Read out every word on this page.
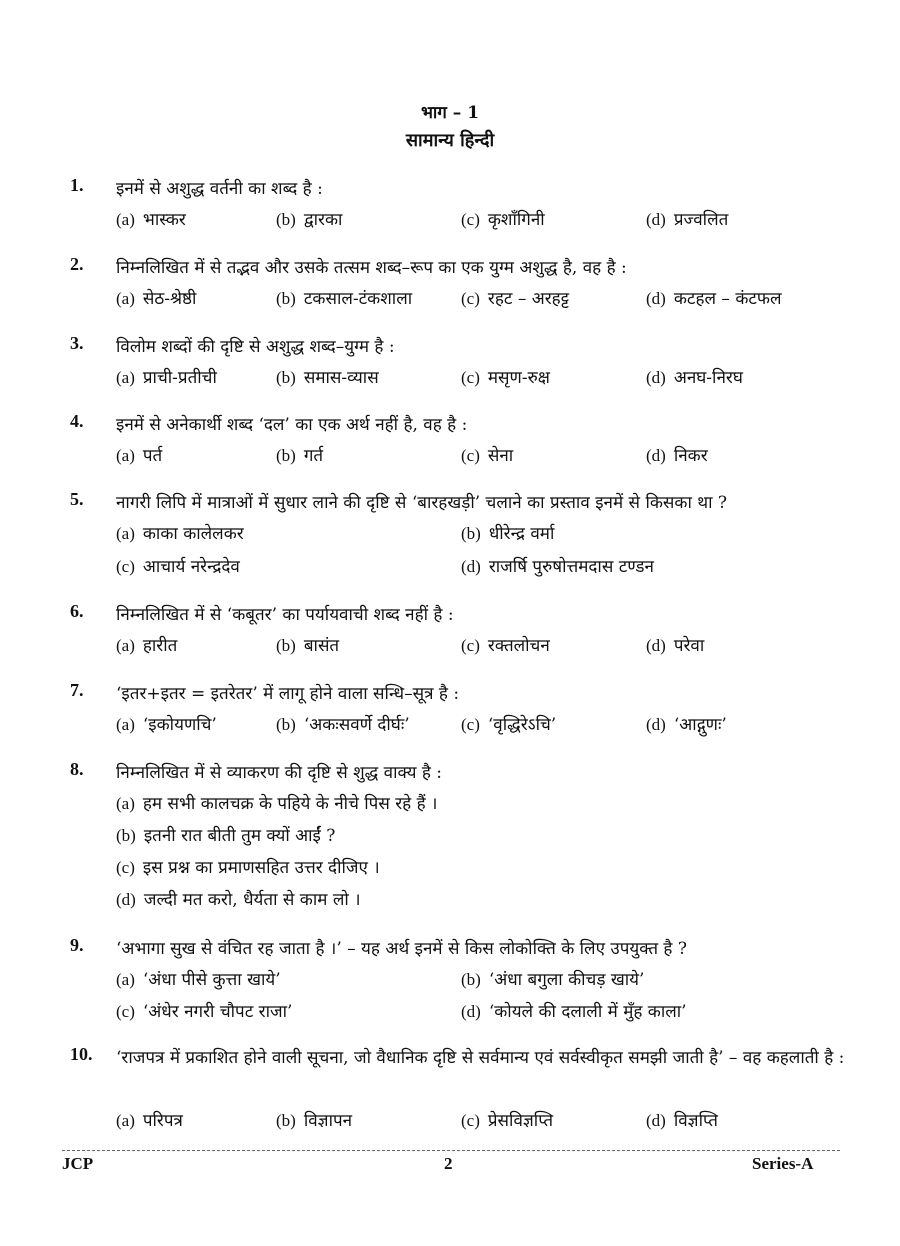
भाग – 1
सामान्य हिन्दी
1.	इनमें से अशुद्ध वर्तनी का शब्द है :
(a) भास्कर	(b) द्वारका	(c) कृशाँगिनी	(d) प्रज्वलित
2.	निम्नलिखित में से तद्भव और उसके तत्सम शब्द–रूप का एक युग्म अशुद्ध है, वह है :
(a) सेठ-श्रेष्ठी	(b) टकसाल-टंकशाला	(c) रहट – अरहट्ट	(d) कटहल – कंटफल
3.	विलोम शब्दों की दृष्टि से अशुद्ध शब्द–युग्म है :
(a) प्राची-प्रतीची	(b) समास-व्यास	(c) मसृण-रुक्ष	(d) अनघ-निरघ
4.	इनमें से अनेकार्थी शब्द ‘दल’ का एक अर्थ नहीं है, वह है :
(a) पर्त	(b) गर्त	(c) सेना	(d) निकर
5.	नागरी लिपि में मात्राओं में सुधार लाने की दृष्टि से ‘बारहखड़ी’ चलाने का प्रस्ताव इनमें से किसका था ?
(a) काका कालेलकर	(b) धीरेन्द्र वर्मा
(c) आचार्य नरेन्द्रदेव	(d) राजर्षि पुरुषोत्तमदास टण्डन
6.	निम्नलिखित में से ‘कबूतर’ का पर्यायवाची शब्द नहीं है :
(a) हारीत	(b) बासंत	(c) रक्तलोचन	(d) परेवा
7.	‘इतर+इतर = इतरेतर’ में लागू होने वाला सन्धि–सूत्र है :
(a) ‘इकोयणचि’	(b) ‘अकःसवर्णे दीर्घः’	(c) ‘वृद्धिरेऽचि’	(d) ‘आद्गुणः’
8.	निम्नलिखित में से व्याकरण की दृष्टि से शुद्ध वाक्य है :
(a) हम सभी कालचक्र के पहिये के नीचे पिस रहे हैं ।
(b) इतनी रात बीती तुम क्यों आईं ?
(c) इस प्रश्न का प्रमाणसहित उत्तर दीजिए ।
(d) जल्दी मत करो, धैर्यता से काम लो ।
9.	‘अभागा सुख से वंचित रह जाता है ।’ – यह अर्थ इनमें से किस लोकोक्ति के लिए उपयुक्त है ?
(a) ‘अंधा पीसे कुत्ता खाये’	(b) ‘अंधा बगुला कीचड़ खाये’
(c) ‘अंधेर नगरी चौपट राजा’	(d) ‘कोयले की दलाली में मुँह काला’
10.	‘राजपत्र में प्रकाशित होने वाली सूचना, जो वैधानिक दृष्टि से सर्वमान्य एवं सर्वस्वीकृत समझी जाती है’ – वह कहलाती है :
(a) परिपत्र	(b) विज्ञापन	(c) प्रेसविज्ञप्ति	(d) विज्ञप्ति
JCP	2	Series-A
